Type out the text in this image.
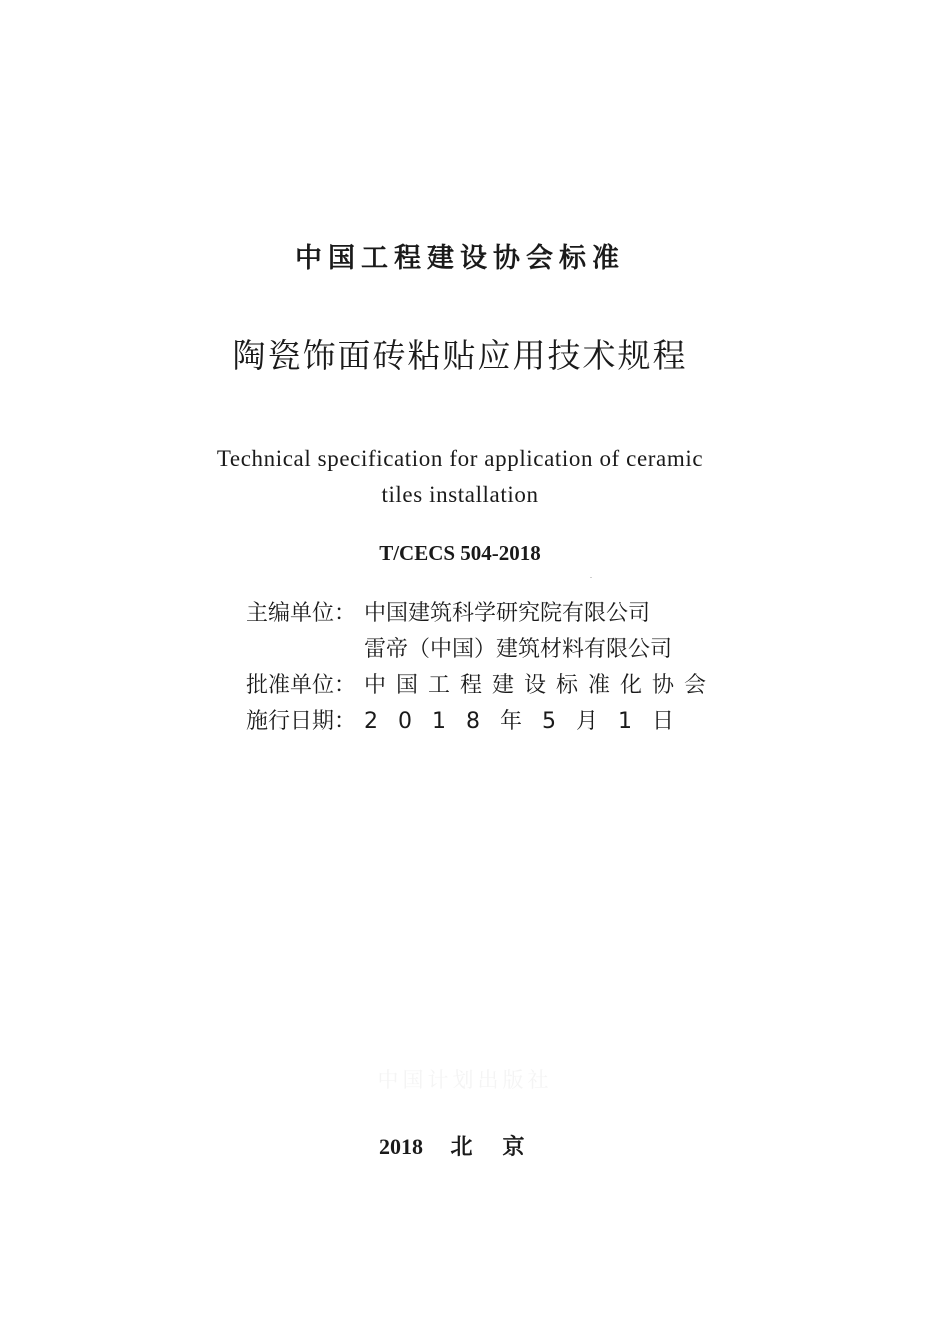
中国工程建设协会标准
陶瓷饰面砖粘贴应用技术规程
Technical specification for application of ceramic
tiles installation
T/CECS 504-2018
主编单位： 中国建筑科学研究院有限公司
雷帝（中国）建筑材料有限公司
批准单位： 中国工程建设标准化协会
施行日期： 2018年5月1日
中国计划出版社
2018 北京
